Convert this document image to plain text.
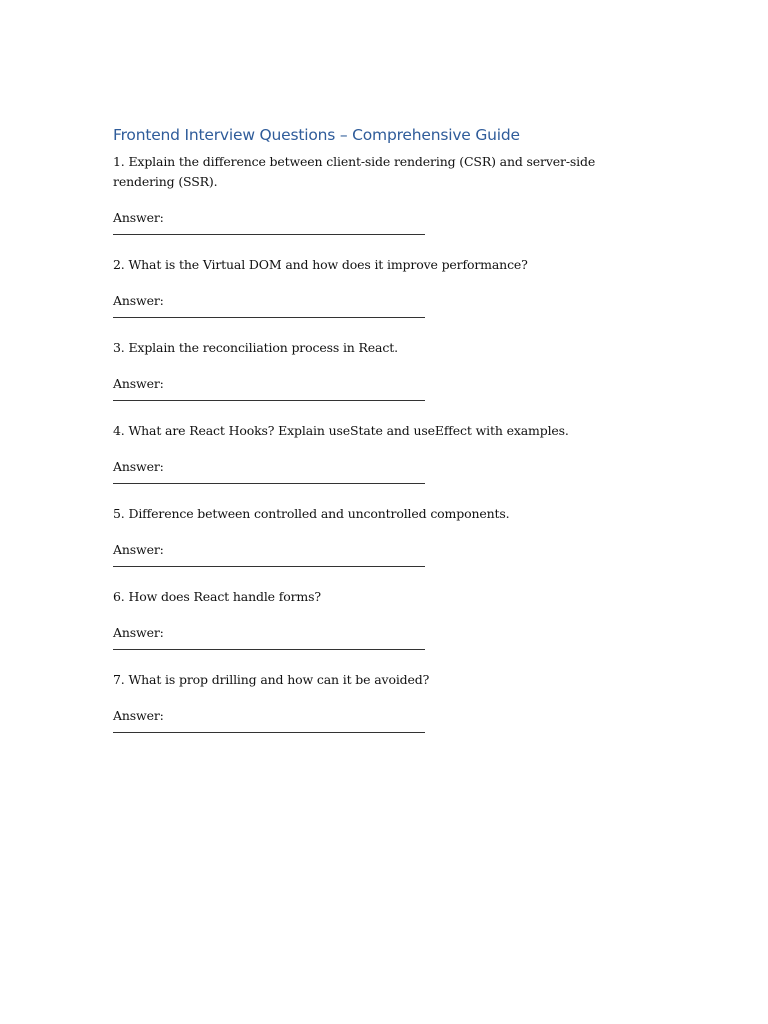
Frontend Interview Questions – Comprehensive Guide
1. Explain the difference between client-side rendering (CSR) and server-side rendering (SSR).
Answer:
2. What is the Virtual DOM and how does it improve performance?
Answer:
3. Explain the reconciliation process in React.
Answer:
4. What are React Hooks? Explain useState and useEffect with examples.
Answer:
5. Difference between controlled and uncontrolled components.
Answer:
6. How does React handle forms?
Answer:
7. What is prop drilling and how can it be avoided?
Answer:
